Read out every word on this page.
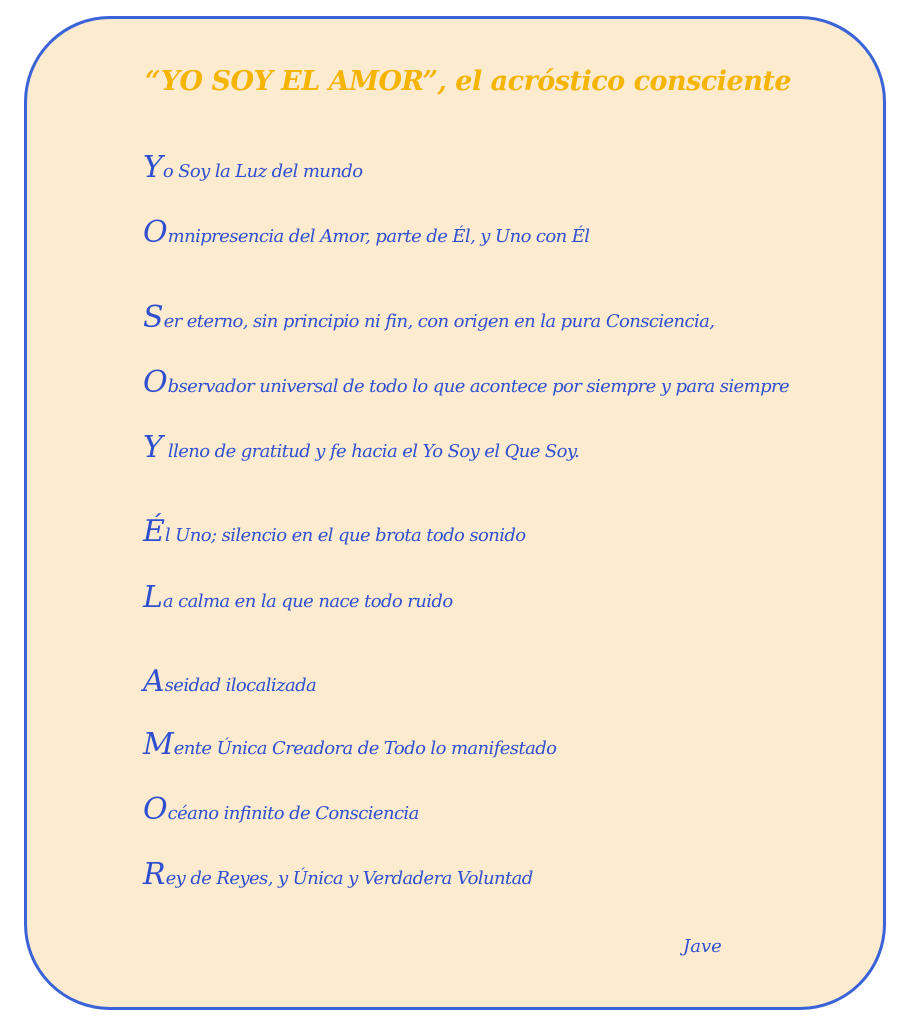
“YO SOY EL AMOR”, el acróstico consciente

Yo Soy la Luz del mundo

Omnipresencia del Amor, parte de Él, y Uno con Él

Ser eterno, sin principio ni fin, con origen en la pura Consciencia,

Observador universal de todo lo que acontece por siempre y para siempre

Y lleno de gratitud y fe hacia el Yo Soy el Que Soy.

Él Uno; silencio en el que brota todo sonido

La calma en la que nace todo ruido

Aseidad ilocalizada

Mente Única Creadora de Todo lo manifestado

Océano infinito de Consciencia

Rey de Reyes, y Única y Verdadera Voluntad

Jave
